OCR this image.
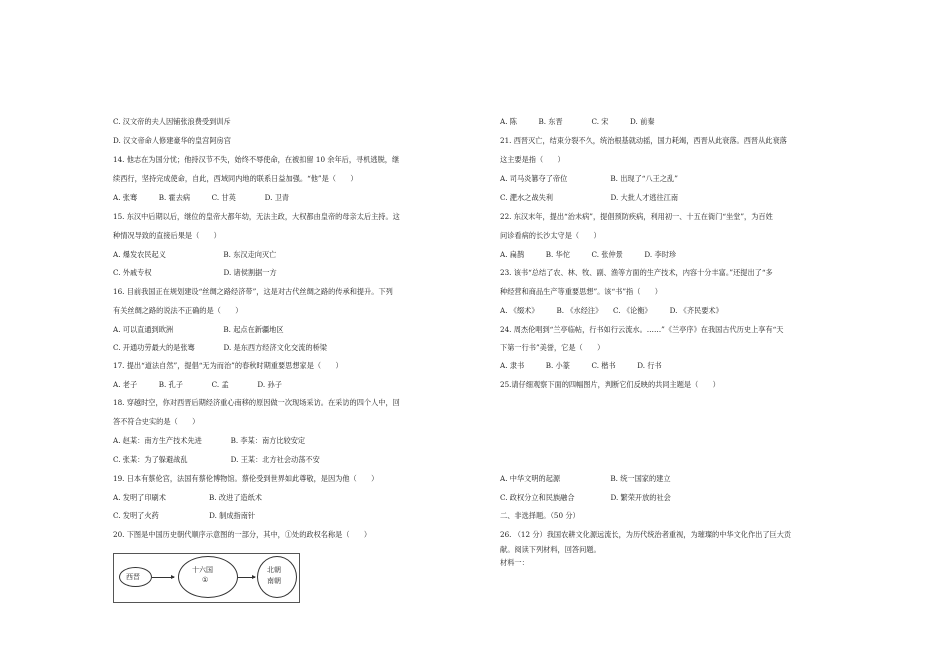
C. 汉文帝的夫人因铺张浪费受到训斥
D. 汉文帝命人修建豪华的皇宫阿房宫
14. 他志在为国分忧；他持汉节不失，始终不辱使命，在被扣留 10 余年后，寻机逃脱，继
续西行，坚持完成使命，自此，西域同内地的联系日益加强。“他”是（　　）
A. 张骞　　　B. 霍去病　　　C. 甘英　　　　D. 卫青
15. 东汉中后期以后，继位的皇帝大都年幼，无法主政，大权都由皇帝的母亲太后主持。这
种情况导致的直接后果是（　　）
A. 爆发农民起义　　　　　　　　B. 东汉走向灭亡
C. 外戚专权　　　　　　　　　　D. 诸侯割据一方
16. 目前我国正在规划建设“丝绸之路经济带”，这是对古代丝绸之路的传承和提升。下列
有关丝绸之路的说法不正确的是（　　）
A. 可以直通到欧洲　　　　　　　B. 起点在新疆地区
C. 开通功劳最大的是张骞　　　　D. 是东西方经济文化交流的桥梁
17. 提出“道法自然”，提倡“无为而治”的春秋时期重要思想家是（　　）
A. 老子　　　B. 孔子　　　　C. 孟　　　　D. 孙子
18. 穿越时空，你对西晋后期经济重心南移的原因做一次现场采访。在采访的四个人中，回
答不符合史实的是（　　）
A. 赵某：南方生产技术先进　　　　B. 李某：南方比较安定
C. 张某：为了躲避战乱　　　　　　D. 王某：北方社会动荡不安
19. 日本有蔡伦宫，法国有蔡伦博物馆。蔡伦受到世界如此尊敬，是因为他（　　）
A. 发明了印刷术　　　　　　B. 改进了造纸术
C. 发明了火药　　　　　　　D. 制成指南针
20. 下图是中国历史朝代顺序示意图的一部分，其中，①处的政权名称是（　　）
西晋
十六国
①
北朝
南朝
A. 陈　　　B. 东晋　　　　C. 宋　　　D. 前秦
21. 西晋灭亡，结束分裂不久，统治根基就动摇，国力耗竭，西晋从此衰落。西晋从此衰落
这主要是指（　　）
A. 司马炎篡夺了帝位　　　　　　B. 出现了“八王之乱”
C. 淝水之战失利　　　　　　　　D. 大批人才逃往江南
22. 东汉末年，提出“治未病”，提倡预防疾病，利用初一、十五在衙门“坐堂”，为百姓
问诊看病的长沙太守是（　　）
A. 扁鹊　　　B. 华佗　　　C. 张仲景　　　D. 李时珍
23. 该书“总结了农、林、牧、副、渔等方面的生产技术，内容十分丰富。”还提出了“多
种经营和商品生产等重要思想”。该“书”指（　　）
A. 《缀术》　　　B. 《水经注》　　C. 《论衡》　　　D. 《齐民要术》
24. 周杰伦唱到“兰亭临帖，行书如行云流水。……”《兰亭序》在我国古代历史上享有“天
下第一行书”美誉，它是（　　）
A. 隶书　　　B. 小篆　　　C. 楷书　　　D. 行书
25.请仔细观察下面的四幅图片，判断它们反映的共同主题是（　　）
A. 中华文明的起源　　　　　　　B. 统一国家的建立
C. 政权分立和民族融合　　　　　D. 繁荣开放的社会
二、非选择题。（50 分）
26. （12 分）我国农耕文化源远流长，为历代统治者重视，为璀璨的中华文化作出了巨大贡
献。阅读下列材料，回答问题。
材料一：
